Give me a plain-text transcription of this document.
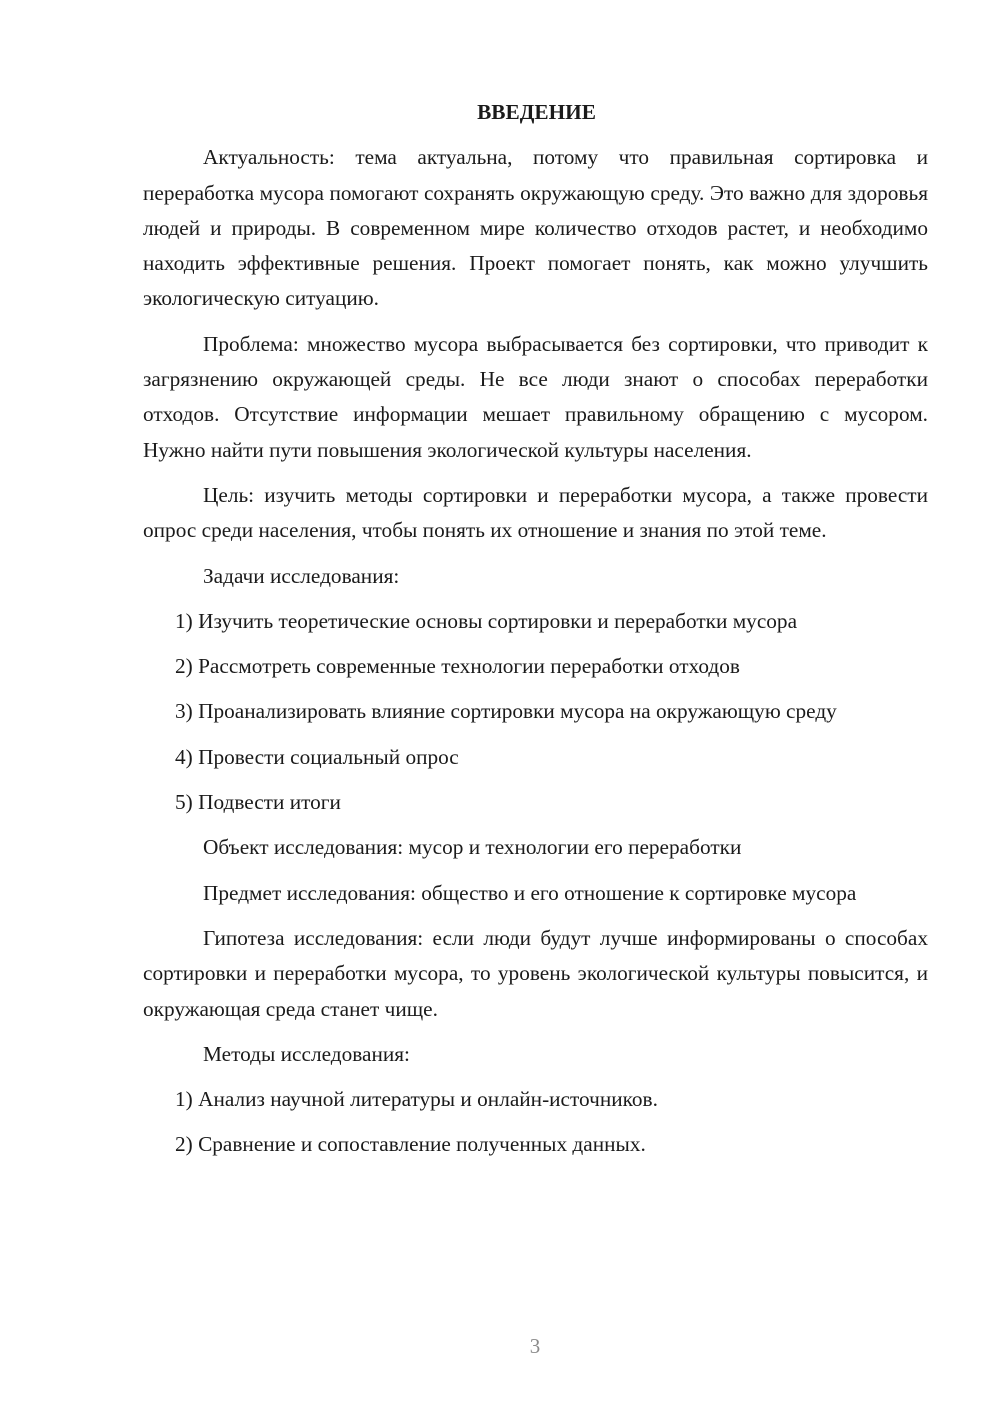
ВВЕДЕНИЕ

Актуальность: тема актуальна, потому что правильная сортировка и переработка мусора помогают сохранять окружающую среду. Это важно для здоровья людей и природы. В современном мире количество отходов растет, и необходимо находить эффективные решения. Проект помогает понять, как можно улучшить экологическую ситуацию.

Проблема: множество мусора выбрасывается без сортировки, что приводит к загрязнению окружающей среды. Не все люди знают о способах переработки отходов. Отсутствие информации мешает правильному обращению с мусором. Нужно найти пути повышения экологической культуры населения.

Цель: изучить методы сортировки и переработки мусора, а также провести опрос среди населения, чтобы понять их отношение и знания по этой теме.

Задачи исследования:

1) Изучить теоретические основы сортировки и переработки мусора

2) Рассмотреть современные технологии переработки отходов

3) Проанализировать влияние сортировки мусора на окружающую среду

4) Провести социальный опрос

5) Подвести итоги

Объект исследования: мусор и технологии его переработки

Предмет исследования: общество и его отношение к сортировке мусора

Гипотеза исследования: если люди будут лучше информированы о способах сортировки и переработки мусора, то уровень экологической культуры повысится, и окружающая среда станет чище.

Методы исследования:

1) Анализ научной литературы и онлайн-источников.

2) Сравнение и сопоставление полученных данных.

3
